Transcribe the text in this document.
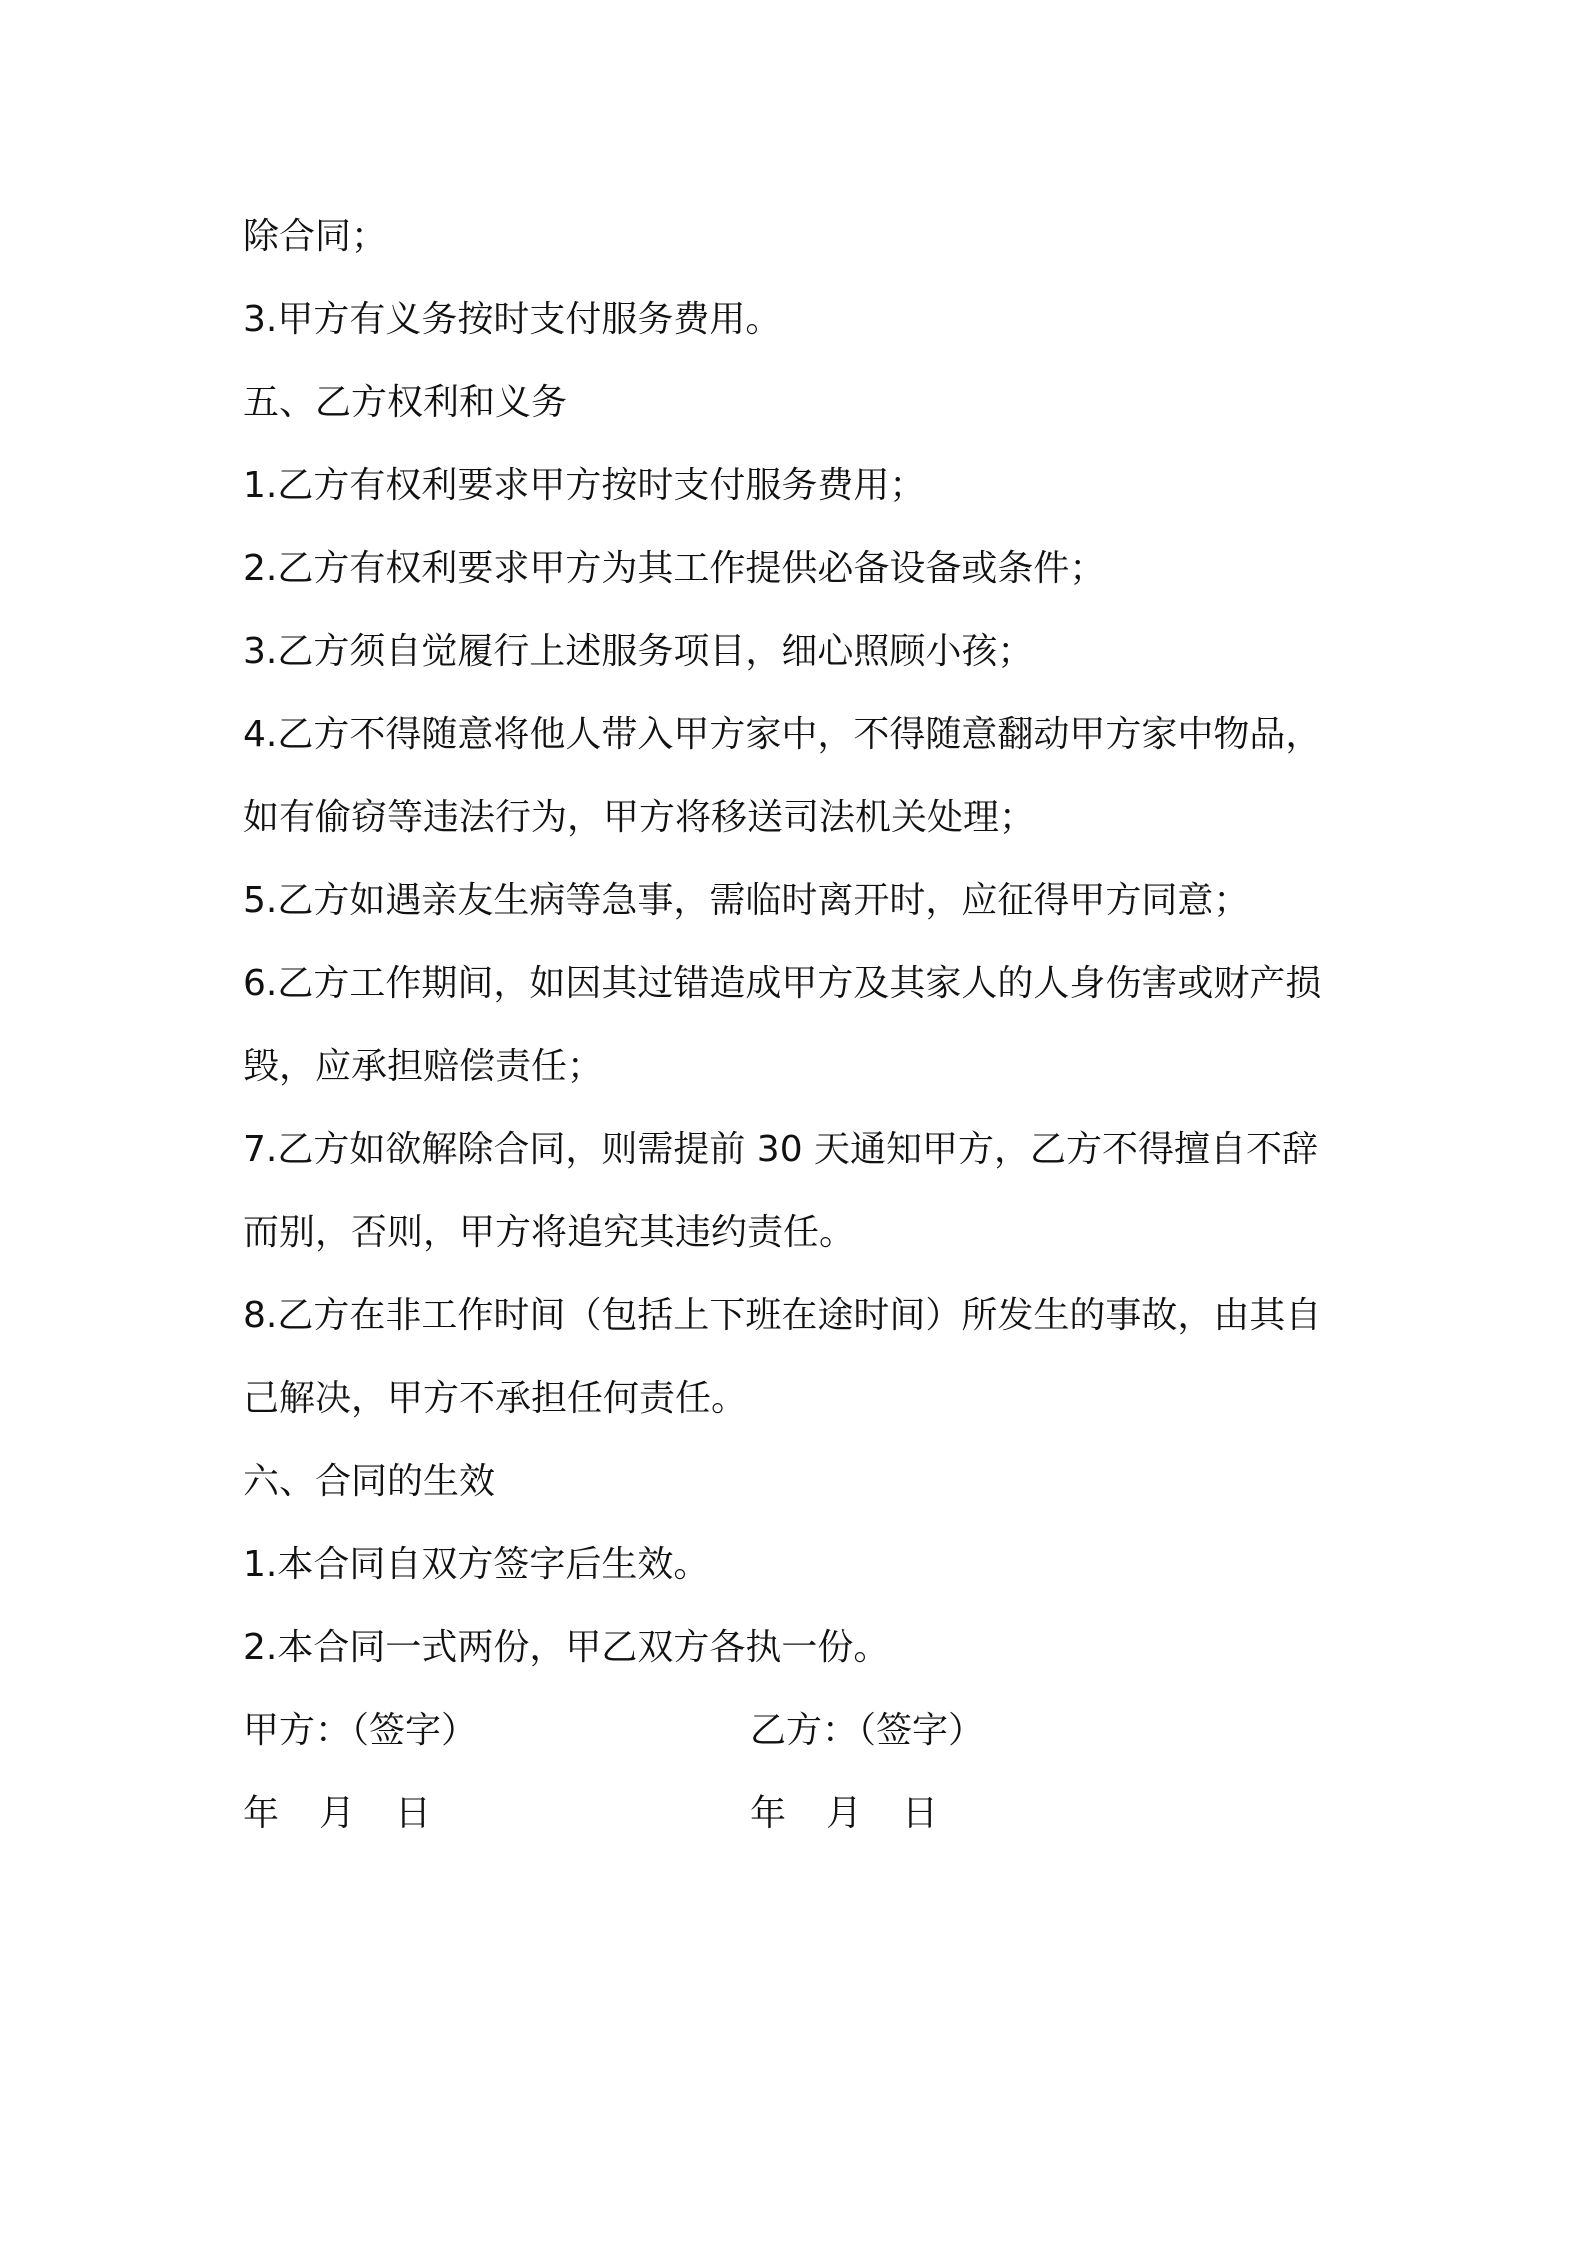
除合同；
3.甲方有义务按时支付服务费用。
五、乙方权利和义务
1.乙方有权利要求甲方按时支付服务费用；
2.乙方有权利要求甲方为其工作提供必备设备或条件；
3.乙方须自觉履行上述服务项目，细心照顾小孩；
4.乙方不得随意将他人带入甲方家中，不得随意翻动甲方家中物品，
如有偷窃等违法行为，甲方将移送司法机关处理；
5.乙方如遇亲友生病等急事，需临时离开时，应征得甲方同意；
6.乙方工作期间，如因其过错造成甲方及其家人的人身伤害或财产损
毁，应承担赔偿责任；
7.乙方如欲解除合同，则需提前 30 天通知甲方，乙方不得擅自不辞
而别，否则，甲方将追究其违约责任。
8.乙方在非工作时间（包括上下班在途时间）所发生的事故，由其自
己解决，甲方不承担任何责任。
六、合同的生效
1.本合同自双方签字后生效。
2.本合同一式两份，甲乙双方各执一份。
甲方：（签字）	乙方：（签字）
年 月 日	年 月 日
